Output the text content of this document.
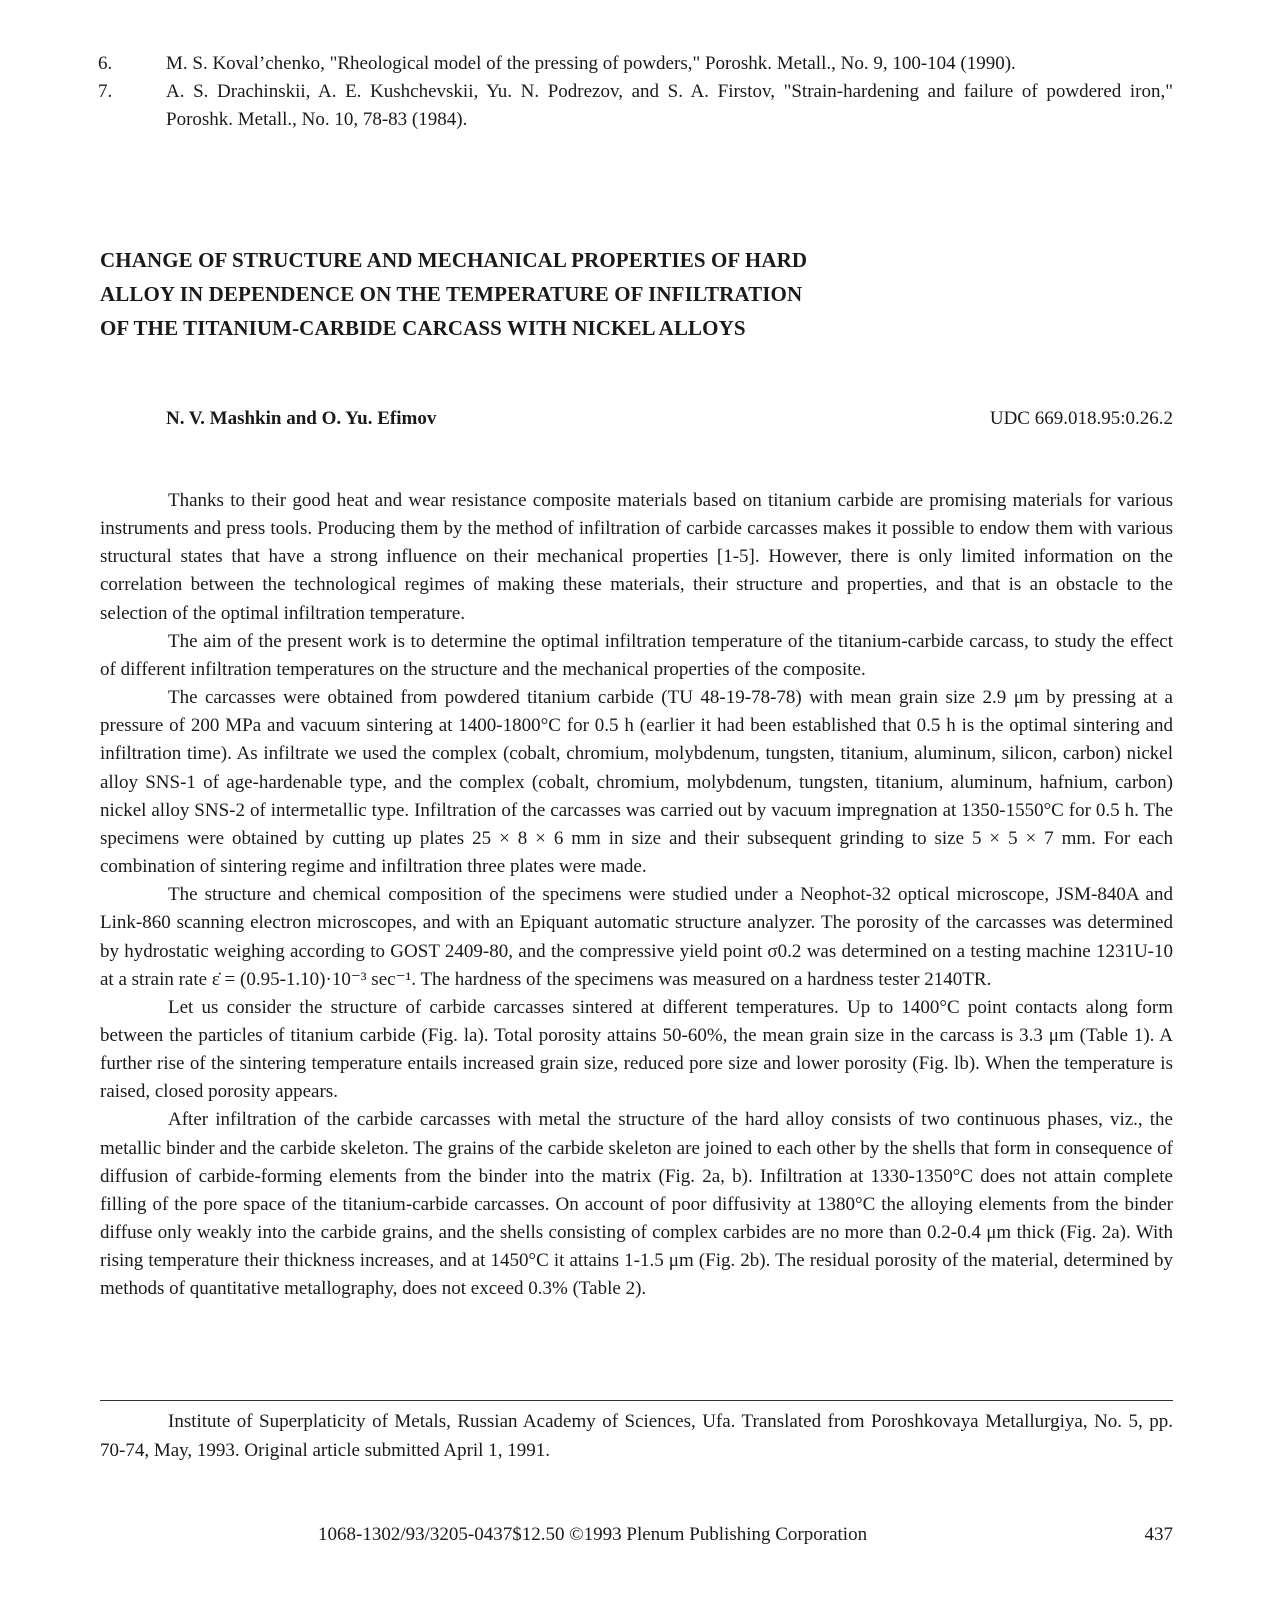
6.	M. S. Koval’chenko, "Rheological model of the pressing of powders," Poroshk. Metall., No. 9, 100-104 (1990).
7.	A. S. Drachinskii, A. E. Kushchevskii, Yu. N. Podrezov, and S. A. Firstov, "Strain-hardening and failure of powdered iron," Poroshk. Metall., No. 10, 78-83 (1984).
CHANGE OF STRUCTURE AND MECHANICAL PROPERTIES OF HARD
ALLOY IN DEPENDENCE ON THE TEMPERATURE OF INFILTRATION
OF THE TITANIUM-CARBIDE CARCASS WITH NICKEL ALLOYS
N. V. Mashkin and O. Yu. Efimov	UDC 669.018.95:0.26.2

Thanks to their good heat and wear resistance composite materials based on titanium carbide are promising materials for various instruments and press tools. Producing them by the method of infiltration of carbide carcasses makes it possible to endow them with various structural states that have a strong influence on their mechanical properties [1-5]. However, there is only limited information on the correlation between the technological regimes of making these materials, their structure and properties, and that is an obstacle to the selection of the optimal infiltration temperature.

The aim of the present work is to determine the optimal infiltration temperature of the titanium-carbide carcass, to study the effect of different infiltration temperatures on the structure and the mechanical properties of the composite.

The carcasses were obtained from powdered titanium carbide (TU 48-19-78-78) with mean grain size 2.9 μm by pressing at a pressure of 200 MPa and vacuum sintering at 1400-1800°C for 0.5 h (earlier it had been established that 0.5 h is the optimal sintering and infiltration time). As infiltrate we used the complex (cobalt, chromium, molybdenum, tungsten, titanium, aluminum, silicon, carbon) nickel alloy SNS-1 of age-hardenable type, and the complex (cobalt, chromium, molybdenum, tungsten, titanium, aluminum, hafnium, carbon) nickel alloy SNS-2 of intermetallic type. Infiltration of the carcasses was carried out by vacuum impregnation at 1350-1550°C for 0.5 h. The specimens were obtained by cutting up plates 25 × 8 × 6 mm in size and their subsequent grinding to size 5 × 5 × 7 mm. For each combination of sintering regime and infiltration three plates were made.

The structure and chemical composition of the specimens were studied under a Neophot-32 optical microscope, JSM-840A and Link-860 scanning electron microscopes, and with an Epiquant automatic structure analyzer. The porosity of the carcasses was determined by hydrostatic weighing according to GOST 2409-80, and the compressive yield point σ0.2 was determined on a testing machine 1231U-10 at a strain rate ε̇ = (0.95-1.10)·10⁻³ sec⁻¹. The hardness of the specimens was measured on a hardness tester 2140TR.

Let us consider the structure of carbide carcasses sintered at different temperatures. Up to 1400°C point contacts along form between the particles of titanium carbide (Fig. la). Total porosity attains 50-60%, the mean grain size in the carcass is 3.3 μm (Table 1). A further rise of the sintering temperature entails increased grain size, reduced pore size and lower porosity (Fig. lb). When the temperature is raised, closed porosity appears.

After infiltration of the carbide carcasses with metal the structure of the hard alloy consists of two continuous phases, viz., the metallic binder and the carbide skeleton. The grains of the carbide skeleton are joined to each other by the shells that form in consequence of diffusion of carbide-forming elements from the binder into the matrix (Fig. 2a, b). Infiltration at 1330-1350°C does not attain complete filling of the pore space of the titanium-carbide carcasses. On account of poor diffusivity at 1380°C the alloying elements from the binder diffuse only weakly into the carbide grains, and the shells consisting of complex carbides are no more than 0.2-0.4 μm thick (Fig. 2a). With rising temperature their thickness increases, and at 1450°C it attains 1-1.5 μm (Fig. 2b). The residual porosity of the material, determined by methods of quantitative metallography, does not exceed 0.3% (Table 2).

Institute of Superplaticity of Metals, Russian Academy of Sciences, Ufa. Translated from Poroshkovaya Metallurgiya, No. 5, pp. 70-74, May, 1993. Original article submitted April 1, 1991.
1068-1302/93/3205-0437$12.50 ©1993 Plenum Publishing Corporation	437
